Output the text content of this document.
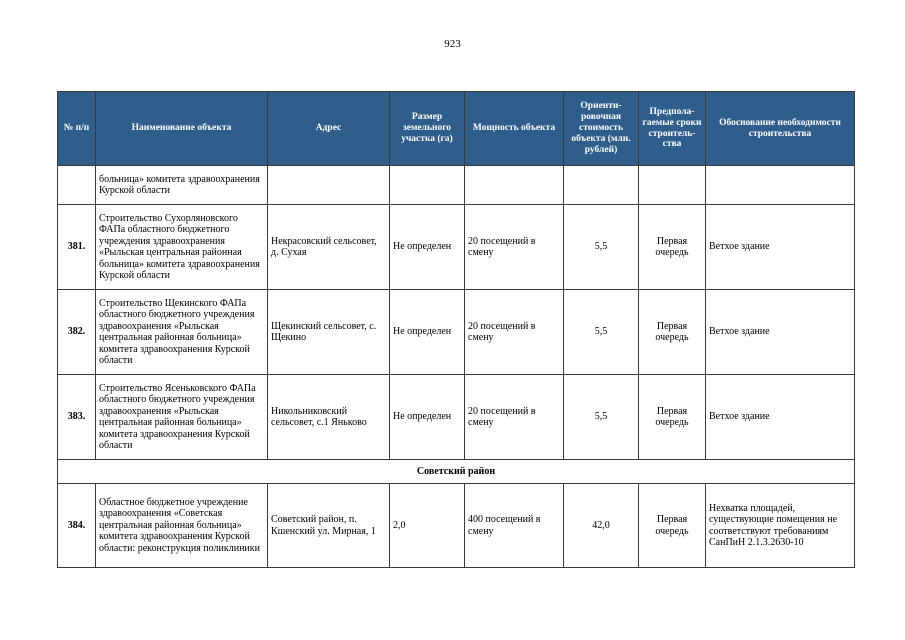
923
№ п/п	Наименование объекта	Адрес	Размер земельного участка (га)	Мощность объекта	Ориенти-ровочная стоимость объекта (млн. рублей)	Предпола-гаемые сроки строитель-ства	Обоснование необходимости строительства
	больница» комитета здравоохранения Курской области						
381.	Строительство Сухорляновского ФАПа областного бюджетного учреждения здравоохранения «Рыльская центральная районная больница» комитета здравоохранения Курской области	Некрасовский сельсовет, д. Сухая	Не определен	20 посещений в смену	5,5	Первая очередь	Ветхое здание
382.	Строительство Щекинского ФАПа областного бюджетного учреждения здравоохранения «Рыльская центральная районная больница» комитета здравоохранения Курской области	Щекинский сельсовет, с. Щекино	Не определен	20 посещений в смену	5,5	Первая очередь	Ветхое здание
383.	Строительство Ясеньковского ФАПа областного бюджетного учреждения здравоохранения «Рыльская центральная районная больница» комитета здравоохранения Курской области	Никольниковский сельсовет, с.1 Яньково	Не определен	20 посещений в смену	5,5	Первая очередь	Ветхое здание
Советский район							
384.	Областное бюджетное учреждение здравоохранения «Советская центральная районная больница» комитета здравоохранения Курской области: реконструкция поликлиники	Советский район, п. Кшенский ул. Мирная, 1	2,0	400 посещений в смену	42,0	Первая очередь	Нехватка площадей, существующие помещения не соответствуют требованиям СанПиН 2.1.3.2630-10
